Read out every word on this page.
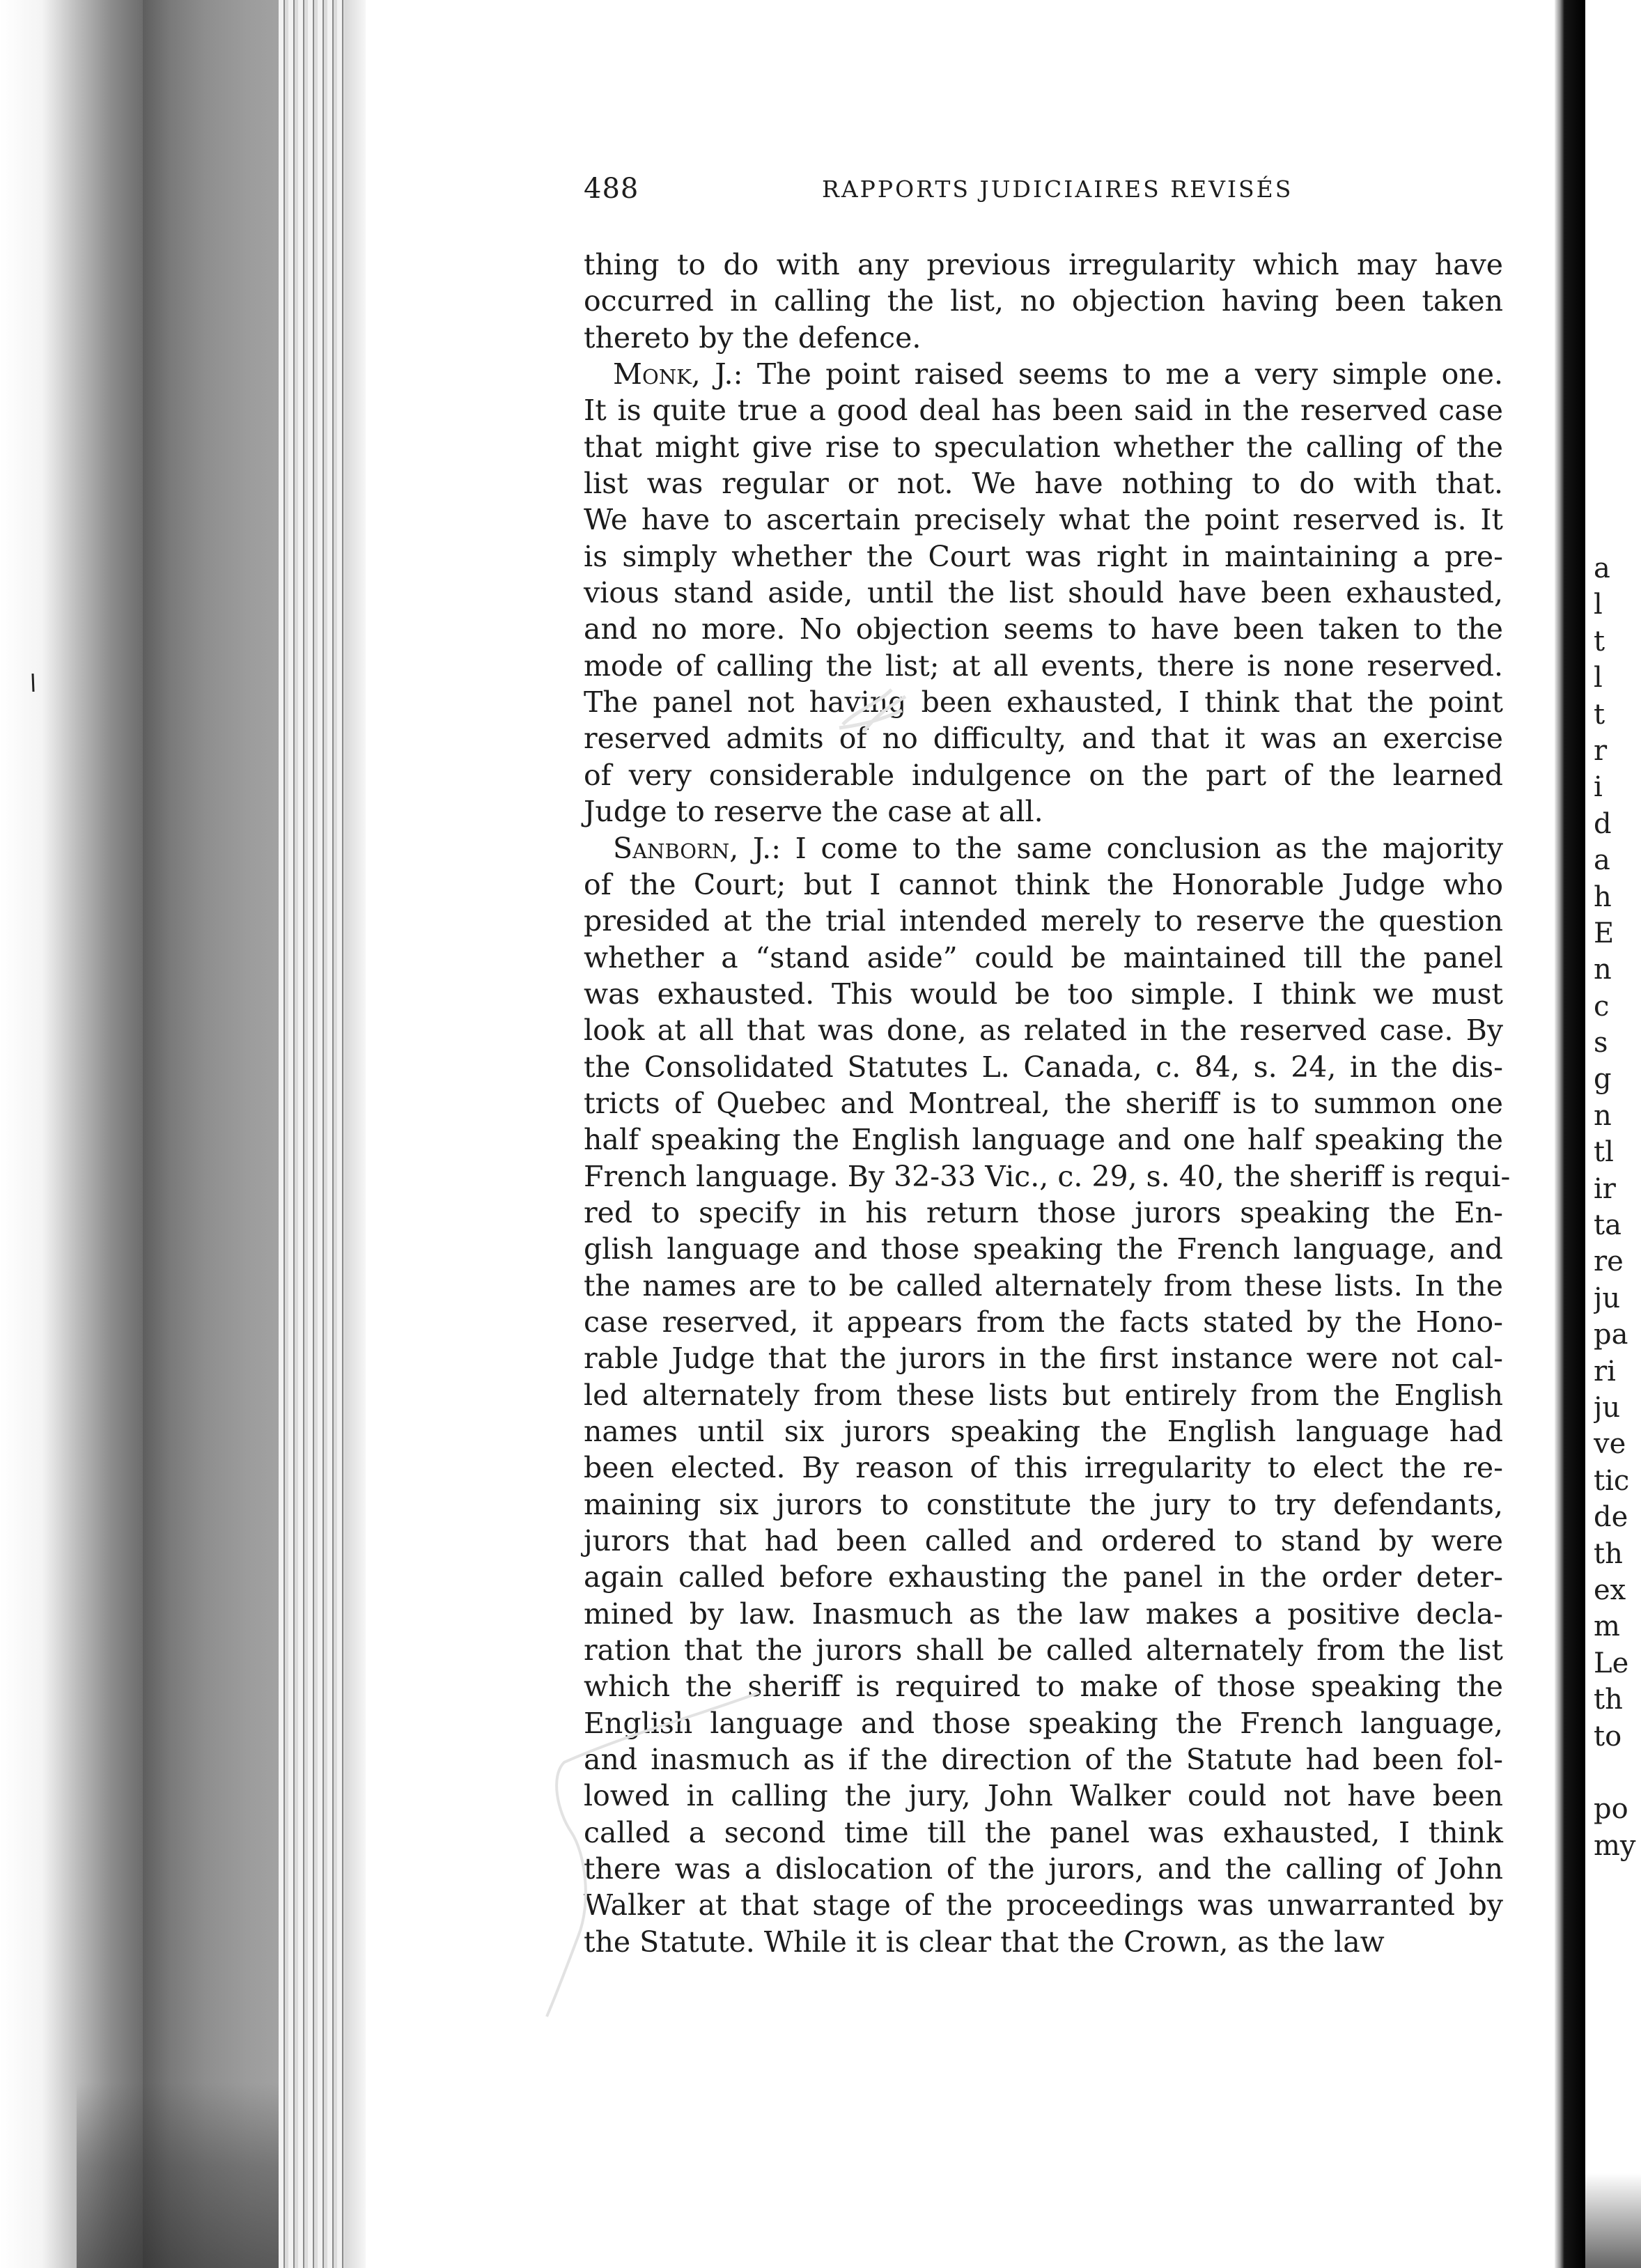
488	RAPPORTS JUDICIAIRES REVISÉS
thing to do with any previous irregularity which may have
occurred in calling the list, no objection having been taken
thereto by the defence.
Monk, J.: The point raised seems to me a very simple one.
It is quite true a good deal has been said in the reserved case
that might give rise to speculation whether the calling of the
list was regular or not. We have nothing to do with that.
We have to ascertain precisely what the point reserved is. It
is simply whether the Court was right in maintaining a pre-
vious stand aside, until the list should have been exhausted,
and no more. No objection seems to have been taken to the
mode of calling the list; at all events, there is none reserved.
The panel not having been exhausted, I think that the point
reserved admits of no difficulty, and that it was an exercise
of very considerable indulgence on the part of the learned
Judge to reserve the case at all.
Sanborn, J.: I come to the same conclusion as the majority
of the Court; but I cannot think the Honorable Judge who
presided at the trial intended merely to reserve the question
whether a “stand aside” could be maintained till the panel
was exhausted. This would be too simple. I think we must
look at all that was done, as related in the reserved case. By
the Consolidated Statutes L. Canada, c. 84, s. 24, in the dis-
tricts of Quebec and Montreal, the sheriff is to summon one
half speaking the English language and one half speaking the
French language. By 32-33 Vic., c. 29, s. 40, the sheriff is requi-
red to specify in his return those jurors speaking the En-
glish language and those speaking the French language, and
the names are to be called alternately from these lists. In the
case reserved, it appears from the facts stated by the Hono-
rable Judge that the jurors in the first instance were not cal-
led alternately from these lists but entirely from the English
names until six jurors speaking the English language had
been elected. By reason of this irregularity to elect the re-
maining six jurors to constitute the jury to try defendants,
jurors that had been called and ordered to stand by were
again called before exhausting the panel in the order deter-
mined by law. Inasmuch as the law makes a positive decla-
ration that the jurors shall be called alternately from the list
which the sheriff is required to make of those speaking the
English language and those speaking the French language,
and inasmuch as if the direction of the Statute had been fol-
lowed in calling the jury, John Walker could not have been
called a second time till the panel was exhausted, I think
there was a dislocation of the jurors, and the calling of John
Walker at that stage of the proceedings was unwarranted by
the Statute. While it is clear that the Crown, as the law
a
l
t
l
t
r
i
d
a
h
E
n
c
s
g
n
tl
ir
ta
re
ju
pa
ri
ju
ve
tic
de
th
ex
m
Le
th
to
po
my
